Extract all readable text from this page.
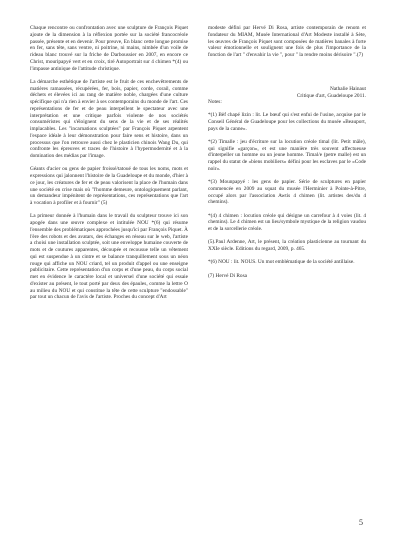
Chaque rencontre ou confrontation avec une sculpture de François Piquet ajoute de la dimension à la réflexion portée sur la société francocréole passée, présente et en devenir. Pour preuve, En blanc cette longue promise en fer, sans tête, sans ventre, ni poitrine, ni mains, nimbée d'un voile de rideau blanc trouvé sur la friche de Darboussier en 2007, en encore ce Christ, mouripapyé vert et en croix, tiré Autoportrait sur 4 chimen *(4) ou l'impasse antinique de l'attitude christique.

La démarche esthétique de l'artiste est le fruit de ces enchevêtrements de matières ramassées, récupérées, fer, bois, papier, corde, corail, comme déchets et élevées ici au rang de matière noble, chargées d'une culture spécifique qui n'a rien à envier à ses contemporains du monde de l'art. Ces représentations de fer et de peau interpellent le spectateur avec une interprétation et une critique parfois violente de nos sociétés consuméristes qui s'éloignent du sens de la vie et de ses réalités implacables. Les "incarnations sculptées" par François Piquet arpentent l'espace idéale à leur démonstration pour faire sens et histoire, dans un processus que l'on retrouve aussi chez le plasticien chinois Wang Du, qui confronte les épreuves et traces de l'histoire à l'hypermodernité et à la domination des médias par l'image.

Géants d'acier ou gens de papier froissé/tatoué de tous les noms, mots et expressions qui jalonnent l'histoire de la Guadeloupe et du monde, d'hier à ce jour, les créatures de fer et de peau valorisent la place de l'humain dans une société en crise mais où "l'homme demeure, ontologiquement parlant, un demandeur impénitent de représentations, ces représentations que l'art à vocation à profiler et à fournir" (5)

La primeur donnée à l'humain dans le travail du sculpteur trouve ici son apogée dans une œuvre complexe et intitulée NOU *(6) qui résume l'ensemble des problématiques approchées jusqu'ici par François Piquet. À l'ère des robots et des avatars, des échanges en réseau sur le web, l'artiste a choisi une installation sculptée, soit une enveloppe humaine couverte de mots et de coutures apparentes, découpée et recousue telle un vêtement qui est suspendue à un cintre et se balance tranquillement sous un néon rouge qui affiche un NOU criard, tel un produit d'appel ou une enseigne publicitaire. Cette représentation d'un corps et d'une peau, du corps social met en évidence le caractère local et universel d'une société qui essaie d'exister au présent, le tout porté par deux des épaules, comme la lettre O au milieu du NOU et qui constitue la tête de cette sculpture "endossable" par tout un chacun de l'avis de l'artiste. Proches du concept d'Art

modeste défini par Hervé Di Rosa, artiste contemporain de renom et fondateur du MIAM, Musée International d'Art Modeste installé à Sète, les œuvres de François Piquet sont composées de matières banales à forte valeur émotionnelle et soulignent une fois de plus l'importance de la fonction de l'art " d'envahir la vie ", pour " la rendre moins dérisoire ".(7)

Nathalie Hainaut
Critique d'art, Guadeloupe 2011.

Notes:

*(1) Bèf chapé lizin : lit. Le bœuf qui s'est enfui de l'usine, acquise par le Conseil Général de Guadeloupe pour les collections du musée «Beauport, pays de la canne».

*(2) Timalle : jeu d'écriture sur la locution créole timal (lit. Petit mâle), qui signifie «garçon», et est une manière très souvent affectueuse d'interpeller un homme ou un jeune homme. Timal/e (petre malle) est un rappel du statut de «biens mobiliers» défini pour les esclaves par le «Code noir».

*(3) Mounpapyé : les gens de papier. Série de sculptures en papier commencée en 2009 au squat du musée l'Herminier à Pointe-à-Pitre, occupé alors par l'association Awtis 4 chimen (lit. artistes des/du 4 chemins).

*(4) 4 chimen : locution créole qui désigne un carrefour à 4 voies (lit. 4 chemins). Le 4 chimen est un lieu/symbole mystique de la religion vaudou et de la sorcellerie créole.

(5).Paul Ardenne, Art, le présent, la création plasticienne au tournant du XXIe siècle. Editions du regard, 2009, p. 465.

*(6) NOU : lit. NOUS. Un mot emblématique de la société antillaise.

(7) Hervé Di Rosa

5
